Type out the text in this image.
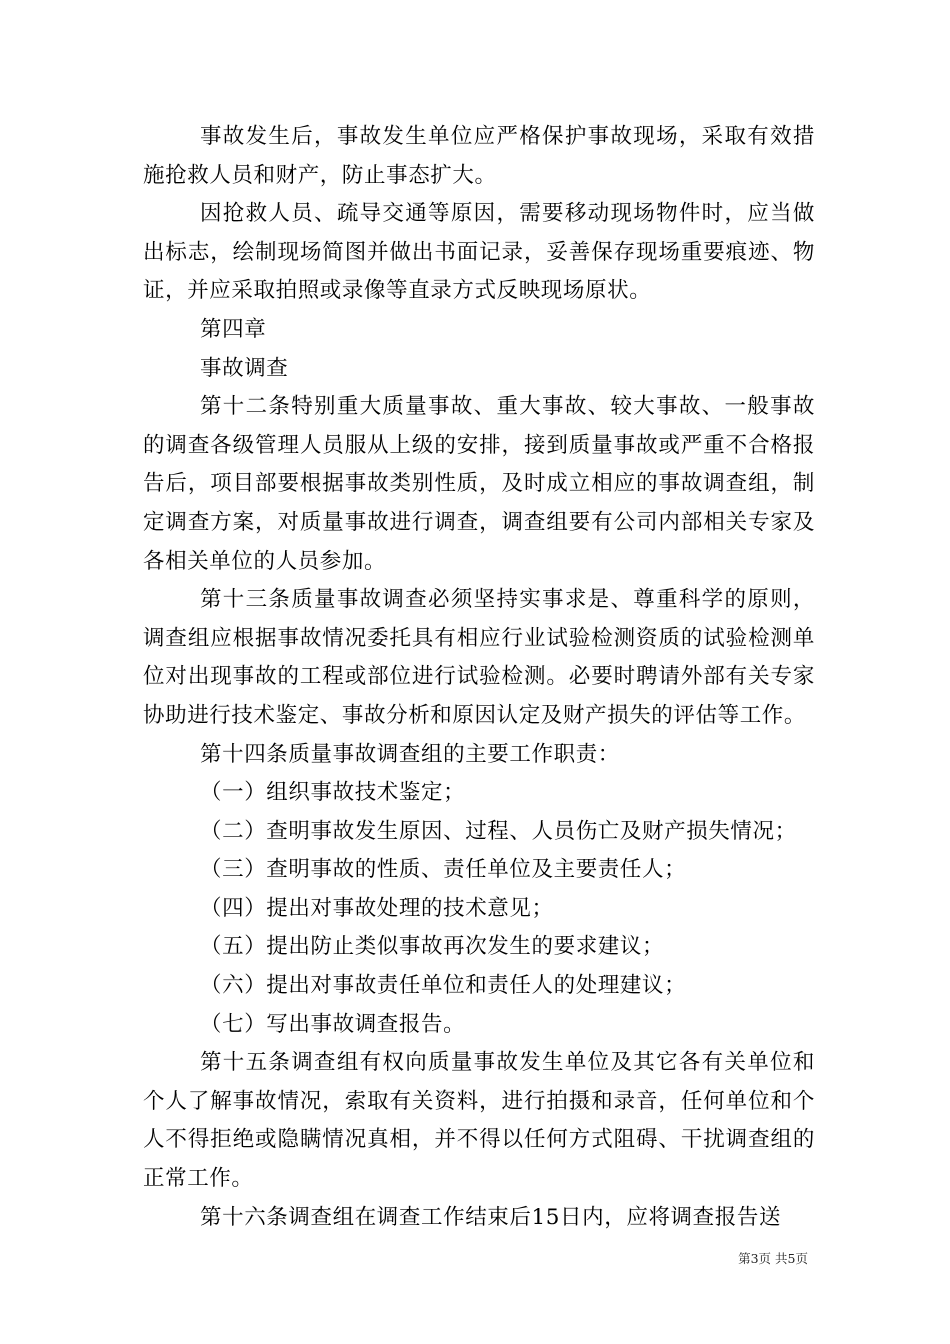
事故发生后，事故发生单位应严格保护事故现场，采取有效措施抢救人员和财产，防止事态扩大。

因抢救人员、疏导交通等原因，需要移动现场物件时，应当做出标志，绘制现场简图并做出书面记录，妥善保存现场重要痕迹、物证，并应采取拍照或录像等直录方式反映现场原状。

第四章

事故调查

第十二条特别重大质量事故、重大事故、较大事故、一般事故的调查各级管理人员服从上级的安排，接到质量事故或严重不合格报告后，项目部要根据事故类别性质，及时成立相应的事故调查组，制定调查方案，对质量事故进行调查，调查组要有公司内部相关专家及各相关单位的人员参加。

第十三条质量事故调查必须坚持实事求是、尊重科学的原则，调查组应根据事故情况委托具有相应行业试验检测资质的试验检测单位对出现事故的工程或部位进行试验检测。必要时聘请外部有关专家协助进行技术鉴定、事故分析和原因认定及财产损失的评估等工作。

第十四条质量事故调查组的主要工作职责：

（一）组织事故技术鉴定；

（二）查明事故发生原因、过程、人员伤亡及财产损失情况；

（三）查明事故的性质、责任单位及主要责任人；

（四）提出对事故处理的技术意见；

（五）提出防止类似事故再次发生的要求建议；

（六）提出对事故责任单位和责任人的处理建议；

（七）写出事故调查报告。

第十五条调查组有权向质量事故发生单位及其它各有关单位和个人了解事故情况，索取有关资料，进行拍摄和录音，任何单位和个人不得拒绝或隐瞒情况真相，并不得以任何方式阻碍、干扰调查组的正常工作。

第十六条调查组在调查工作结束后15日内，应将调查报告送

第3页 共5页
